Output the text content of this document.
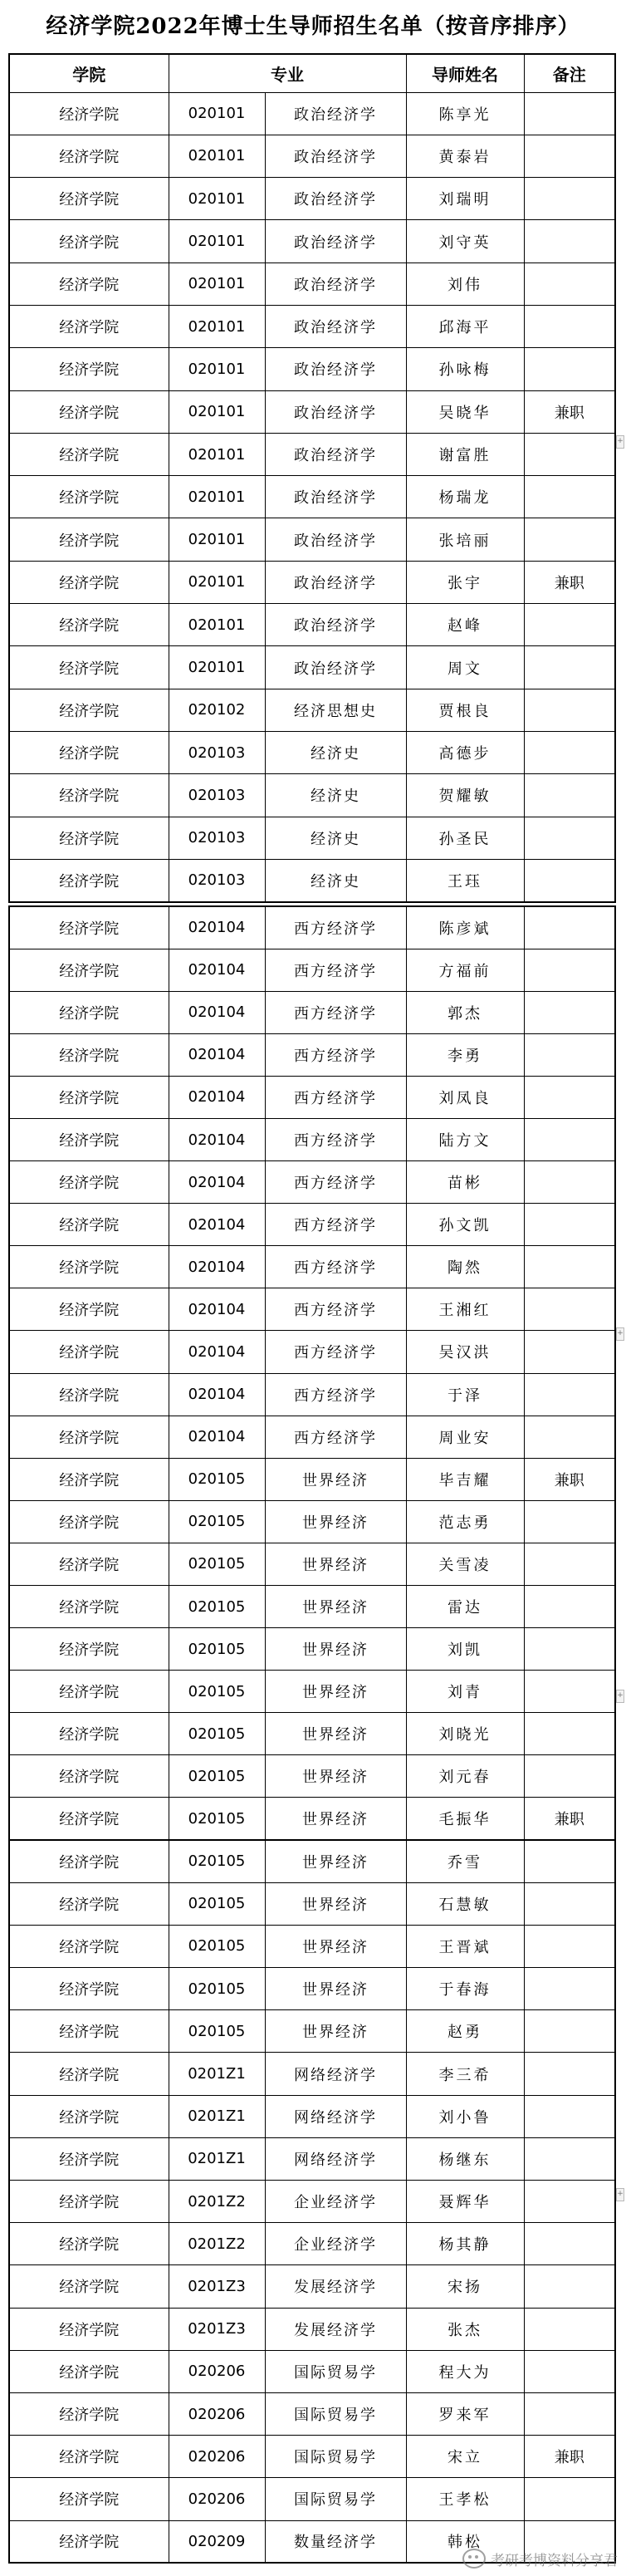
经济学院2022年博士生导师招生名单（按音序排序）
学院	专业		导师姓名	备注
经济学院	020101	政治经济学	陈享光	
经济学院	020101	政治经济学	黄泰岩	
经济学院	020101	政治经济学	刘瑞明	
经济学院	020101	政治经济学	刘守英	
经济学院	020101	政治经济学	刘伟	
经济学院	020101	政治经济学	邱海平	
经济学院	020101	政治经济学	孙咏梅	
经济学院	020101	政治经济学	吴晓华	兼职
经济学院	020101	政治经济学	谢富胜	
经济学院	020101	政治经济学	杨瑞龙	
经济学院	020101	政治经济学	张培丽	
经济学院	020101	政治经济学	张宇	兼职
经济学院	020101	政治经济学	赵峰	
经济学院	020101	政治经济学	周文	
经济学院	020102	经济思想史	贾根良	
经济学院	020103	经济史	高德步	
经济学院	020103	经济史	贺耀敏	
经济学院	020103	经济史	孙圣民	
经济学院	020103	经济史	王珏	
经济学院	020104	西方经济学	陈彦斌	
经济学院	020104	西方经济学	方福前	
经济学院	020104	西方经济学	郭杰	
经济学院	020104	西方经济学	李勇	
经济学院	020104	西方经济学	刘凤良	
经济学院	020104	西方经济学	陆方文	
经济学院	020104	西方经济学	苗彬	
经济学院	020104	西方经济学	孙文凯	
经济学院	020104	西方经济学	陶然	
经济学院	020104	西方经济学	王湘红	
经济学院	020104	西方经济学	吴汉洪	
经济学院	020104	西方经济学	于泽	
经济学院	020104	西方经济学	周业安	
经济学院	020105	世界经济	毕吉耀	兼职
经济学院	020105	世界经济	范志勇	
经济学院	020105	世界经济	关雪凌	
经济学院	020105	世界经济	雷达	
经济学院	020105	世界经济	刘凯	
经济学院	020105	世界经济	刘青	
经济学院	020105	世界经济	刘晓光	
经济学院	020105	世界经济	刘元春	
经济学院	020105	世界经济	毛振华	兼职
经济学院	020105	世界经济	乔雪	
经济学院	020105	世界经济	石慧敏	
经济学院	020105	世界经济	王晋斌	
经济学院	020105	世界经济	于春海	
经济学院	020105	世界经济	赵勇	
经济学院	0201Z1	网络经济学	李三希	
经济学院	0201Z1	网络经济学	刘小鲁	
经济学院	0201Z1	网络经济学	杨继东	
经济学院	0201Z2	企业经济学	聂辉华	
经济学院	0201Z2	企业经济学	杨其静	
经济学院	0201Z3	发展经济学	宋扬	
经济学院	0201Z3	发展经济学	张杰	
经济学院	020206	国际贸易学	程大为	
经济学院	020206	国际贸易学	罗来军	
经济学院	020206	国际贸易学	宋立	兼职
经济学院	020206	国际贸易学	王孝松	
经济学院	020209	数量经济学	韩松	
+
+
+
+
考研考博资料分享君
